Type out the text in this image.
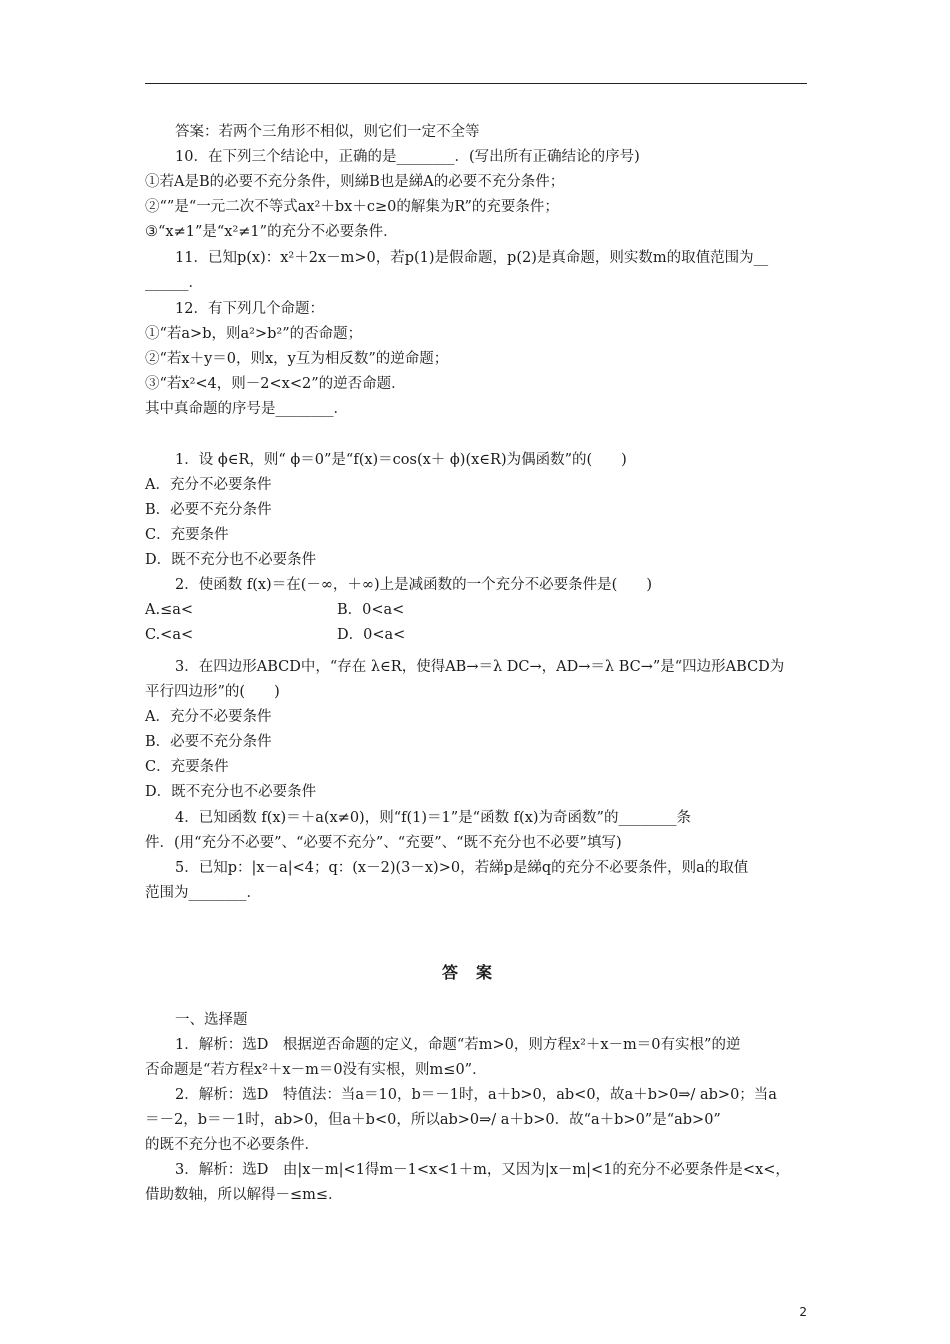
答案：若两个三角形不相似，则它们一定不全等
10．在下列三个结论中，正确的是________．(写出所有正确结论的序号)
①若A是B的必要不充分条件，则綈B也是綈A的必要不充分条件；
②“”是“一元二次不等式ax²＋bx＋c≥0的解集为R”的充要条件；
③“x≠1”是“x²≠1”的充分不必要条件．
11．已知p(x)：x²＋2x－m>0，若p(1)是假命题，p(2)是真命题，则实数m的取值范围为__
______．
12．有下列几个命题：
①“若a>b，则a²>b²”的否命题；
②“若x＋y＝0，则x，y互为相反数”的逆命题；
③“若x²<4，则－2<x<2”的逆否命题．
其中真命题的序号是________．
1．设 ϕ∈R，则“ ϕ＝0”是“f(x)＝cos(x＋ ϕ)(x∈R)为偶函数”的(　　)
A．充分不必要条件
B．必要不充分条件
C．充要条件
D．既不充分也不必要条件
2．使函数 f(x)＝在(－∞，＋∞)上是减函数的一个充分不必要条件是(　　)
A.≤a<	B．0<a<
C.<a<	D．0<a<
3．在四边形ABCD中，“存在 λ∈R，使得AB→＝λ DC→，AD→＝λ BC→”是“四边形ABCD为
平行四边形”的(　　)
A．充分不必要条件
B．必要不充分条件
C．充要条件
D．既不充分也不必要条件
4．已知函数 f(x)＝＋a(x≠0)，则“f(1)＝1”是“函数 f(x)为奇函数”的________条
件．(用“充分不必要”、“必要不充分”、“充要”、“既不充分也不必要”填写)
5．已知p：|x－a|<4；q：(x－2)(3－x)>0，若綈p是綈q的充分不必要条件，则a的取值
范围为________．
答案
一、选择题
1．解析：选D　根据逆否命题的定义，命题“若m>0，则方程x²＋x－m＝0有实根”的逆
否命题是“若方程x²＋x－m＝0没有实根，则m≤0”．
2．解析：选D　特值法：当a＝10，b＝－1时，a＋b>0，ab<0，故a＋b>0⇒/ ab>0；当a
＝－2，b＝－1时，ab>0，但a＋b<0，所以ab>0⇒/ a＋b>0．故“a＋b>0”是“ab>0”
的既不充分也不必要条件．
3．解析：选D　由|x－m|<1得m－1<x<1＋m，又因为|x－m|<1的充分不必要条件是<x<，
借助数轴，所以解得－≤m≤．
2
